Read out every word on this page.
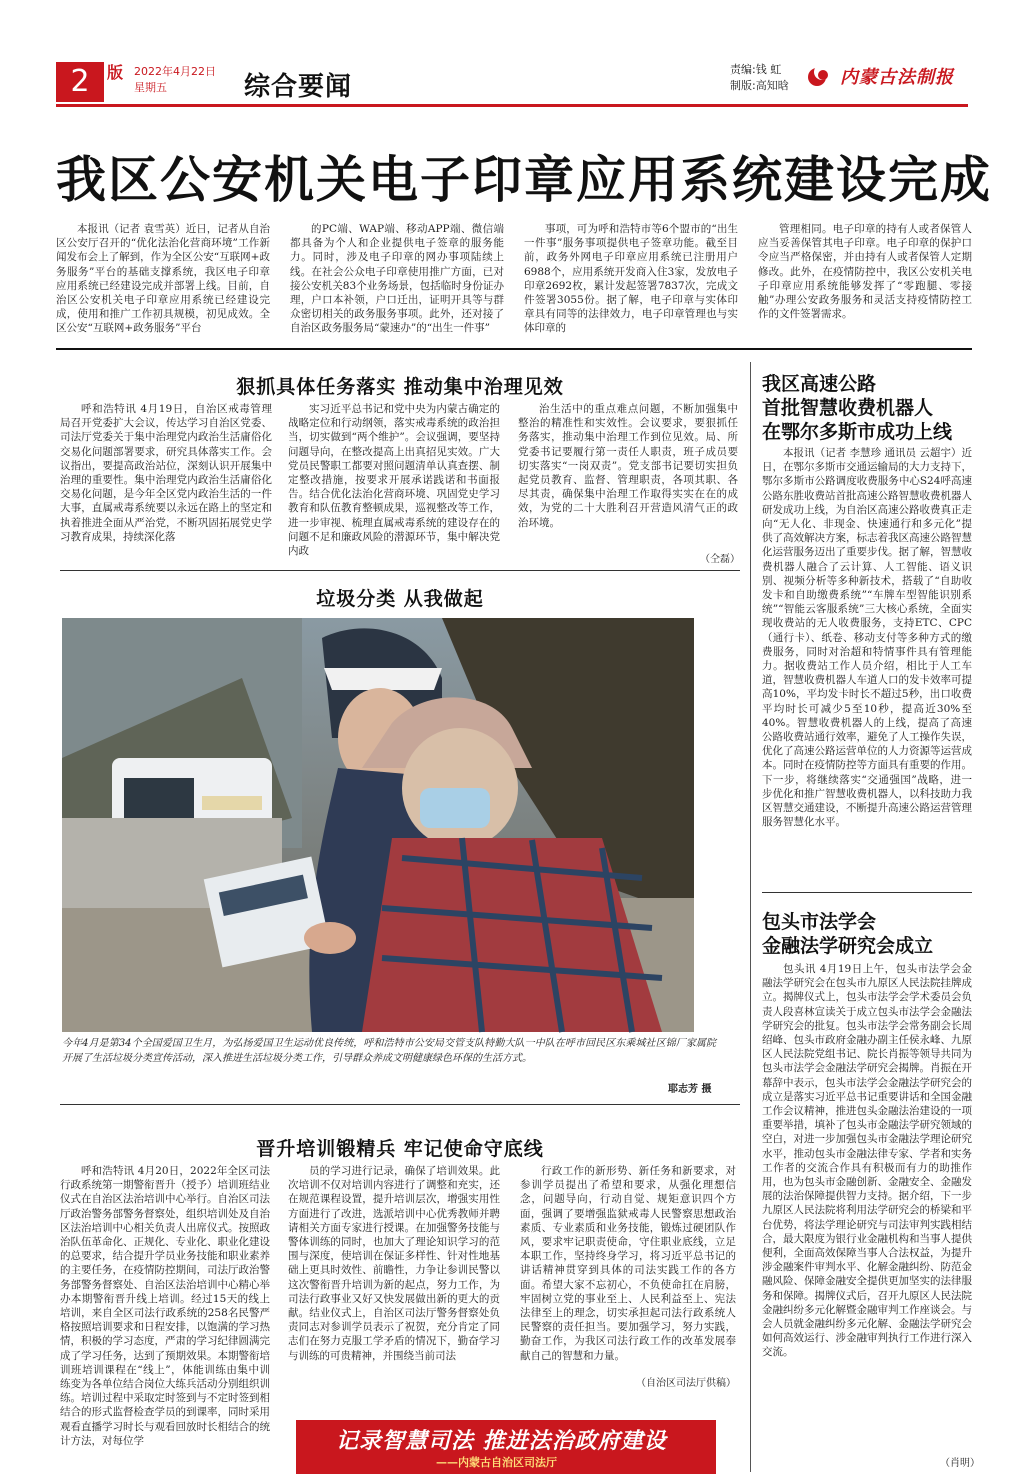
2	版 2022年4月22日
星期五	综合要闻
责编:钱 虹
制版:高知晗	内蒙古法制报
我区公安机关电子印章应用系统建设完成

本报讯（记者 袁雪英）近日，记者从自治区公安厅召开的“优化法治化营商环境”工作新闻发布会上了解到，作为全区公安“互联网+政务服务”平台的基础支撑系统，我区电子印章应用系统已经建设完成并部署上线。目前，自治区公安机关电子印章应用系统已经建设完成，使用和推广工作初具规模，初见成效。全区公安“互联网+政务服务”平台

的PC端、WAP端、移动APP端、微信端都具备为个人和企业提供电子签章的服务能力。同时，涉及电子印章的网办事项陆续上线。在社会公众电子印章使用推广方面，已对接公安机关83个业务场景，包括临时身份证办理，户口本补领，户口迁出，证明开具等与群众密切相关的政务服务事项。此外，还对接了自治区政务服务局“蒙速办”的“出生一件事”

事项，可为呼和浩特市等6个盟市的“出生一件事”服务事项提供电子签章功能。截至目前，政务外网电子印章应用系统已注册用户6988个，应用系统开发商入住3家，发放电子印章2692枚，累计发起签署7837次，完成文件签署3055份。据了解，电子印章与实体印章具有同等的法律效力，电子印章管理也与实体印章的

管理相同。电子印章的持有人或者保管人应当妥善保管其电子印章。电子印章的保护口令应当严格保密，并由持有人或者保管人定期修改。此外，在疫情防控中，我区公安机关电子印章应用系统能够发挥了“零跑腿、零接触”办理公安政务服务和灵活支持疫情防控工作的文件签署需求。

狠抓具体任务落实 推动集中治理见效

呼和浩特讯 4月19日，自治区戒毒管理局召开党委扩大会议，传达学习自治区党委、司法厅党委关于集中治理党内政治生活庸俗化交易化问题部署要求，研究具体落实工作。会议指出，要提高政治站位，深刻认识开展集中治理的重要性。集中治理党内政治生活庸俗化交易化问题，是今年全区党内政治生活的一件大事，直属戒毒系统要以永远在路上的坚定和执着推进全面从严治党，不断巩固拓展党史学习教育成果，持续深化落

实习近平总书记和党中央为内蒙古确定的战略定位和行动纲领，落实戒毒系统的政治担当，切实做到“两个维护”。会议强调，要坚持问题导向，在整改提高上出真招见实效。广大党员民警职工都要对照问题清单认真查摆、制定整改措施，按要求开展承诺践诺和书面报告。结合优化法治化营商环境、巩固党史学习教育和队伍教育整顿成果，巡视整改等工作，进一步审视、梳理直属戒毒系统的建设存在的问题不足和廉政风险的潜源环节，集中解决党内政

治生活中的重点难点问题，不断加强集中整治的精准性和实效性。会议要求，要狠抓任务落实，推动集中治理工作到位见效。局、所党委书记要履行第一责任人职责，班子成员要切实落实“一岗双责”。党支部书记要切实担负起党员教育、监督、管理职责，各项其职、各尽其责，确保集中治理工作取得实实在在的成效，为党的二十大胜利召开营造风清气正的政治环境。

（仝磊）
垃圾分类 从我做起
今年4月是第34个全国爱国卫生月，为弘扬爱国卫生运动优良传统，呼和浩特市公安局交管支队特勤大队一中队在呼市回民区东乘城社区锦厂家属院开展了生活垃圾分类宣传活动，深入推进生活垃圾分类工作，引导群众养成文明健康绿色环保的生活方式。
耶志芳 摄
晋升培训锻精兵 牢记使命守底线

呼和浩特讯 4月20日，2022年全区司法行政系统第一期警衔晋升（授予）培训班结业仪式在自治区法治培训中心举行。自治区司法厅政治警务部警务督察处，组织培训处及自治区法治培训中心相关负责人出席仪式。按照政治队伍革命化、正规化、专业化、职业化建设的总要求，结合提升学员业务技能和职业素养的主要任务，在疫情防控期间，司法厅政治警务部警务督察处、自治区法治培训中心精心举办本期警衔晋升线上培训。经过15天的线上培训，来自全区司法行政系统的258名民警严格按照培训要求和日程安排，以饱满的学习热情，积极的学习态度，严肃的学习纪律圆满完成了学习任务，达到了预期效果。本期警衔培训班培训课程在“线上”，体能训练由集中训练变为各单位结合岗位大练兵活动分别组织训练。培训过程中采取定时签到与不定时签到相结合的形式监督检查学员的到课率，同时采用观看直播学习时长与观看回放时长相结合的统计方法，对每位学

员的学习进行记录，确保了培训效果。此次培训不仅对培训内容进行了调整和充实，还在规范课程设置，提升培训层次，增强实用性方面进行了改进，选派培训中心优秀教师并聘请相关方面专家进行授课。在加强警务技能与警体训练的同时，也加大了理论知识学习的范围与深度，使培训在保证多样性、针对性地基础上更具时效性、前瞻性，力争让参训民警以这次警衔晋升培训为新的起点，努力工作，为司法行政事业又好又快发展做出新的更大的贡献。结业仪式上，自治区司法厅警务督察处负责同志对参训学员表示了祝贺，充分肯定了同志们在努力克服工学矛盾的情况下，勤奋学习与训练的可贵精神，并围绕当前司法

行政工作的新形势、新任务和新要求，对参训学员提出了希望和要求，从强化理想信念，问题导向，行动自觉、规矩意识四个方面，强调了要增强监狱戒毒人民警察思想政治素质、专业素质和业务技能，锻炼过硬团队作风，要求牢记职责使命，守住职业底线，立足本职工作，坚持终身学习，将习近平总书记的讲话精神贯穿到具体的司法实践工作的各方面。希望大家不忘初心，不负使命扛在肩膀，牢固树立党的事业至上、人民利益至上、宪法法律至上的理念，切实承担起司法行政系统人民警察的责任担当。要加强学习，努力实践，勤奋工作，为我区司法行政工作的改革发展奉献自己的智慧和力量。

（自治区司法厅供稿）
我区高速公路
首批智慧收费机器人
在鄂尔多斯市成功上线

本报讯（记者 李慧珍 通讯员 云超宇）近日，在鄂尔多斯市交通运输局的大力支持下，鄂尔多斯市公路调度收费服务中心S24呼高速公路东胜收费站首批高速公路智慧收费机器人研发成功上线，为自治区高速公路收费真正走向“无人化、非现金、快速通行和多元化”提供了高效解决方案，标志着我区高速公路智慧化运营服务迈出了重要步伐。据了解，智慧收费机器人融合了云计算、人工智能、语义识别、视频分析等多种新技术，搭载了“自助收发卡和自助缴费系统”“车牌车型智能识别系统”“智能云客服系统”三大核心系统，全面实现收费站的无人收费服务，支持ETC、CPC（通行卡）、纸卷、移动支付等多种方式的缴费服务，同时对治超和特情事件具有管理能力。据收费站工作人员介绍，相比于人工车道，智慧收费机器人车道人口的发卡效率可提高10%，平均发卡时长不超过5秒，出口收费平均时长可减少5至10秒，提高近30%至40%。智慧收费机器人的上线，提高了高速公路收费站通行效率，避免了人工操作失误，优化了高速公路运营单位的人力资源等运营成本。同时在疫情防控等方面具有重要的作用。下一步，将继续落实“交通强国”战略，进一步优化和推广智慧收费机器人，以科技助力我区智慧交通建设，不断提升高速公路运营管理服务智慧化水平。

包头市法学会
金融法学研究会成立

包头讯 4月19日上午，包头市法学会金融法学研究会在包头市九原区人民法院挂牌成立。揭牌仪式上，包头市法学会学术委员会负责人段喜林宣读关于成立包头市法学会金融法学研究会的批复。包头市法学会常务副会长周绍峰、包头市政府金融办副主任侯永峰、九原区人民法院党组书记、院长肖振等领导共同为包头市法学会金融法学研究会揭牌。肖振在开幕辞中表示，包头市法学会金融法学研究会的成立是落实习近平总书记重要讲话和全国金融工作会议精神，推进包头金融法治建设的一项重要举措，填补了包头市金融法学研究领域的空白，对进一步加强包头市金融法学理论研究水平，推动包头市金融法律专家、学者和实务工作者的交流合作具有积极而有力的助推作用，也为包头市金融创新、金融安全、金融发展的法治保障提供智力支持。据介绍，下一步九原区人民法院将利用法学研究会的桥梁和平台优势，将法学理论研究与司法审判实践相结合，最大限度为银行业金融机构和当事人提供便利，全面高效保障当事人合法权益，为提升涉金融案件审判水平、化解金融纠纷、防范金融风险、保障金融安全提供更加坚实的法律服务和保障。揭牌仪式后，召开九原区人民法院金融纠纷多元化解暨金融审判工作座谈会。与会人员就金融纠纷多元化解、金融法学研究会如何高效运行、涉金融审判执行工作进行深入交流。

（肖明）
记录智慧司法 推进法治政府建设
——内蒙古自治区司法厅
